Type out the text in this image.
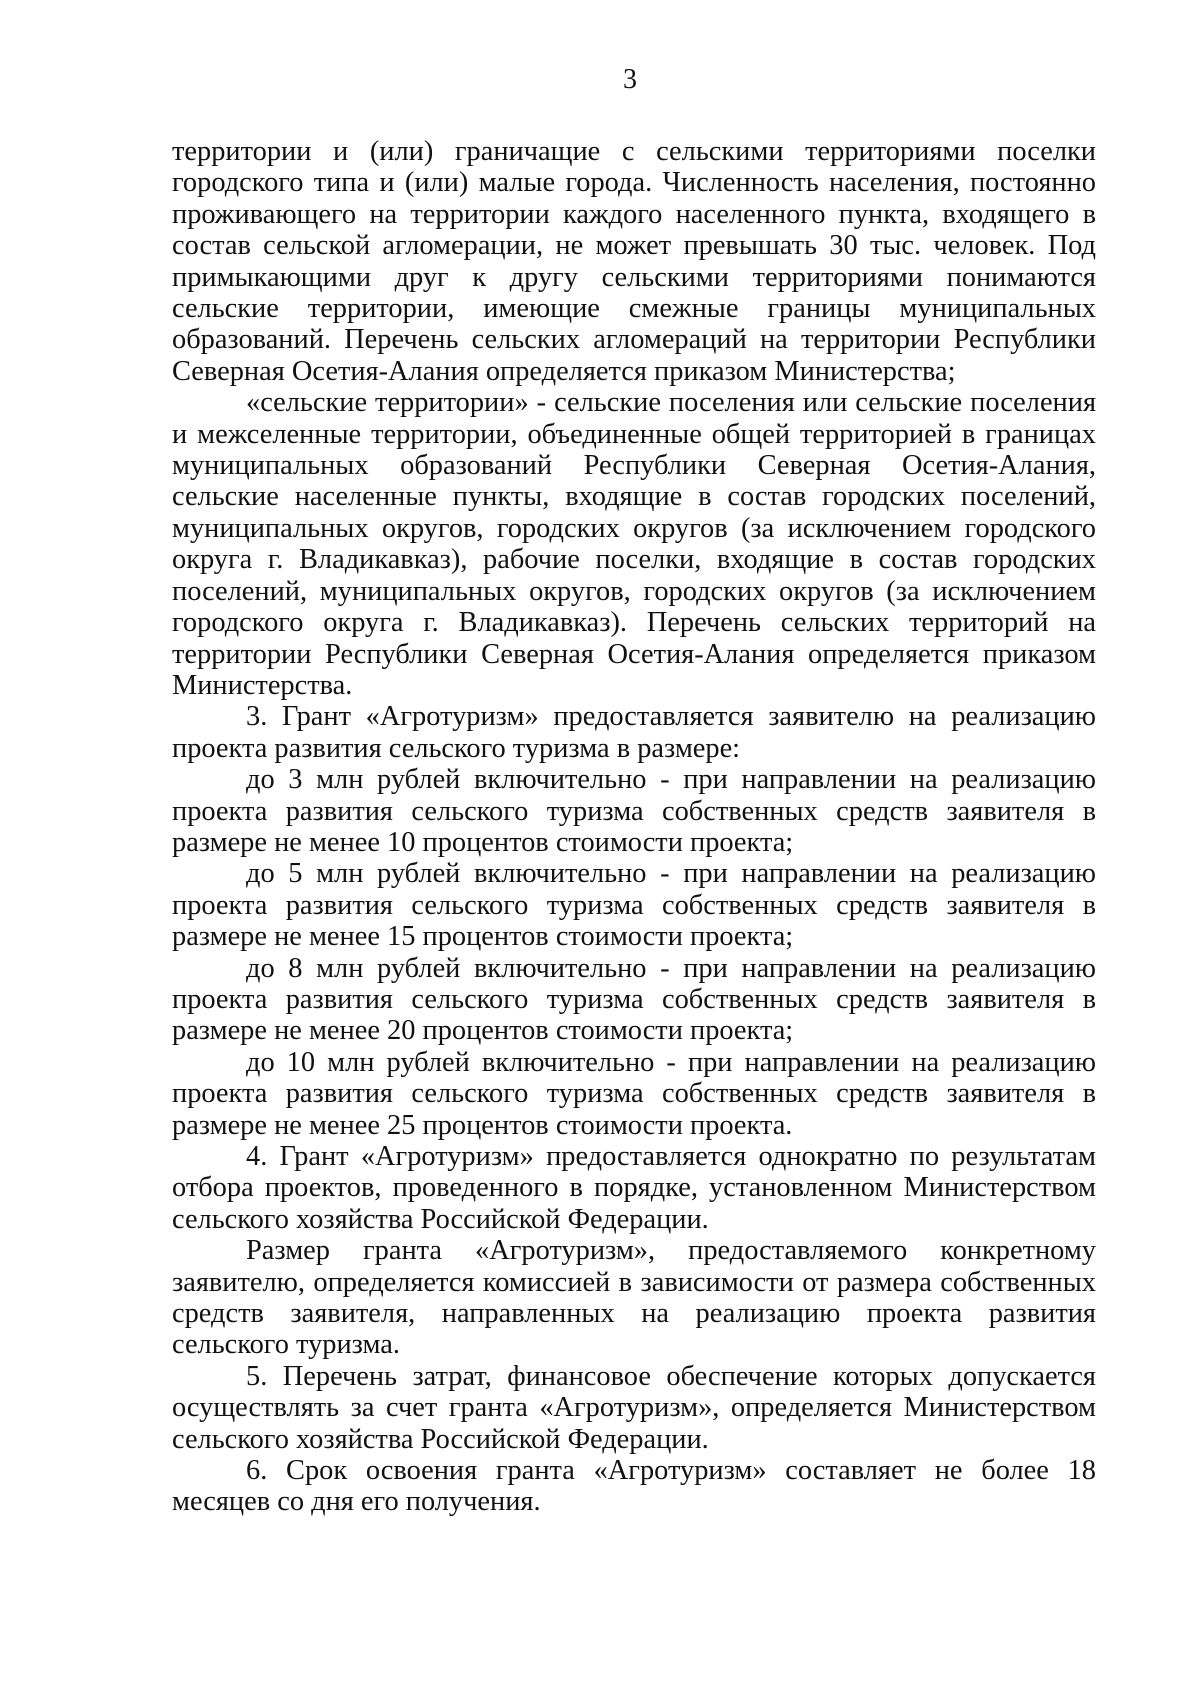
3

территории и (или) граничащие с сельскими территориями поселки городского типа и (или) малые города. Численность населения, постоянно проживающего на территории каждого населенного пункта, входящего в состав сельской агломерации, не может превышать 30 тыс. человек. Под примыкающими друг к другу сельскими территориями понимаются сельские территории, имеющие смежные границы муниципальных образований. Перечень сельских агломераций на территории Республики Северная Осетия-Алания определяется приказом Министерства;

«сельские территории» - сельские поселения или сельские поселения и межселенные территории, объединенные общей территорией в границах муниципальных образований Республики Северная Осетия-Алания, сельские населенные пункты, входящие в состав городских поселений, муниципальных округов, городских округов (за исключением городского округа г. Владикавказ), рабочие поселки, входящие в состав городских поселений, муниципальных округов, городских округов (за исключением городского округа г. Владикавказ). Перечень сельских территорий на территории Республики Северная Осетия-Алания определяется приказом Министерства.

3. Грант «Агротуризм» предоставляется заявителю на реализацию проекта развития сельского туризма в размере:

до 3 млн рублей включительно - при направлении на реализацию проекта развития сельского туризма собственных средств заявителя в размере не менее 10 процентов стоимости проекта;

до 5 млн рублей включительно - при направлении на реализацию проекта развития сельского туризма собственных средств заявителя в размере не менее 15 процентов стоимости проекта;

до 8 млн рублей включительно - при направлении на реализацию проекта развития сельского туризма собственных средств заявителя в размере не менее 20 процентов стоимости проекта;

до 10 млн рублей включительно - при направлении на реализацию проекта развития сельского туризма собственных средств заявителя в размере не менее 25 процентов стоимости проекта.

4. Грант «Агротуризм» предоставляется однократно по результатам отбора проектов, проведенного в порядке, установленном Министерством сельского хозяйства Российской Федерации.

Размер гранта «Агротуризм», предоставляемого конкретному заявителю, определяется комиссией в зависимости от размера собственных средств заявителя, направленных на реализацию проекта развития сельского туризма.

5. Перечень затрат, финансовое обеспечение которых допускается осуществлять за счет гранта «Агротуризм», определяется Министерством сельского хозяйства Российской Федерации.

6. Срок освоения гранта «Агротуризм» составляет не более 18 месяцев со дня его получения.
